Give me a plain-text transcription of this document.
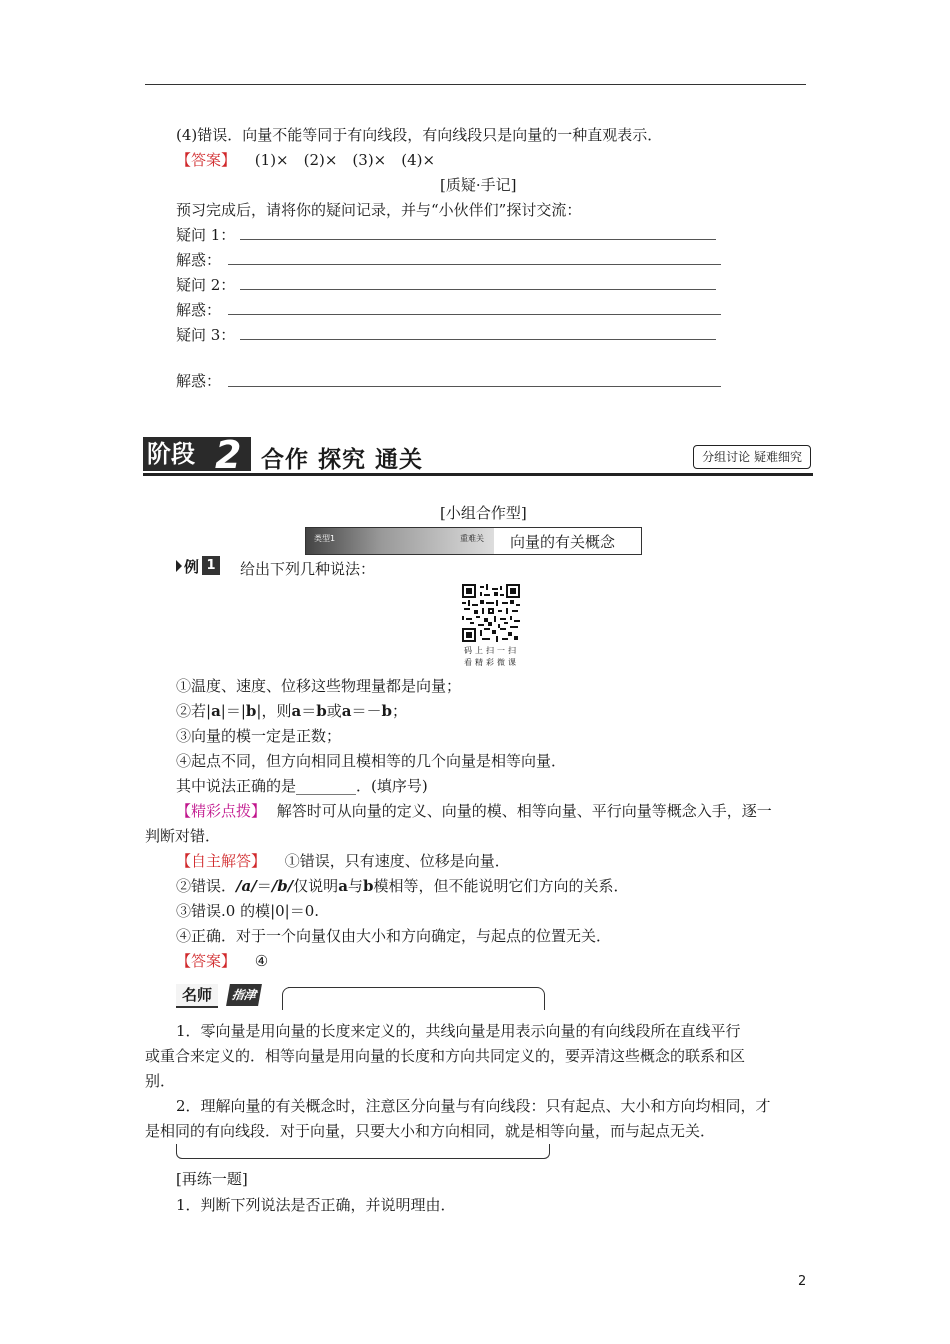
(4)错误．向量不能等同于有向线段，有向线段只是向量的一种直观表示．
【答案】 (1)×　(2)×　(3)×　(4)×
[质疑·手记]
预习完成后，请将你的疑问记录，并与“小伙伴们”探讨交流：
疑问 1：
解惑：
疑问 2：
解惑：
疑问 3：
解惑：
阶段 2 合作 探究 通关	分组讨论 疑难细究
[小组合作型]
类型1	重难关 向量的有关概念
例 1 给出下列几种说法：
码上扫一扫
看精彩微课
①温度、速度、位移这些物理量都是向量；
②若|a|＝|b|，则a＝b或a＝－b；
③向量的模一定是正数；
④起点不同，但方向相同且模相等的几个向量是相等向量．
其中说法正确的是________．(填序号)
【精彩点拨】 解答时可从向量的定义、向量的模、相等向量、平行向量等概念入手，逐一
判断对错．
【自主解答】 ①错误，只有速度、位移是向量．
②错误．/a/＝/b/仅说明a与b模相等，但不能说明它们方向的关系．
③错误.0 的模|0|＝0.
④正确．对于一个向量仅由大小和方向确定，与起点的位置无关．
【答案】 ④
名师	指津
1．零向量是用向量的长度来定义的，共线向量是用表示向量的有向线段所在直线平行
或重合来定义的．相等向量是用向量的长度和方向共同定义的，要弄清这些概念的联系和区
别．
2．理解向量的有关概念时，注意区分向量与有向线段：只有起点、大小和方向均相同，才
是相同的有向线段．对于向量，只要大小和方向相同，就是相等向量，而与起点无关．
[再练一题]
1．判断下列说法是否正确，并说明理由．
2
